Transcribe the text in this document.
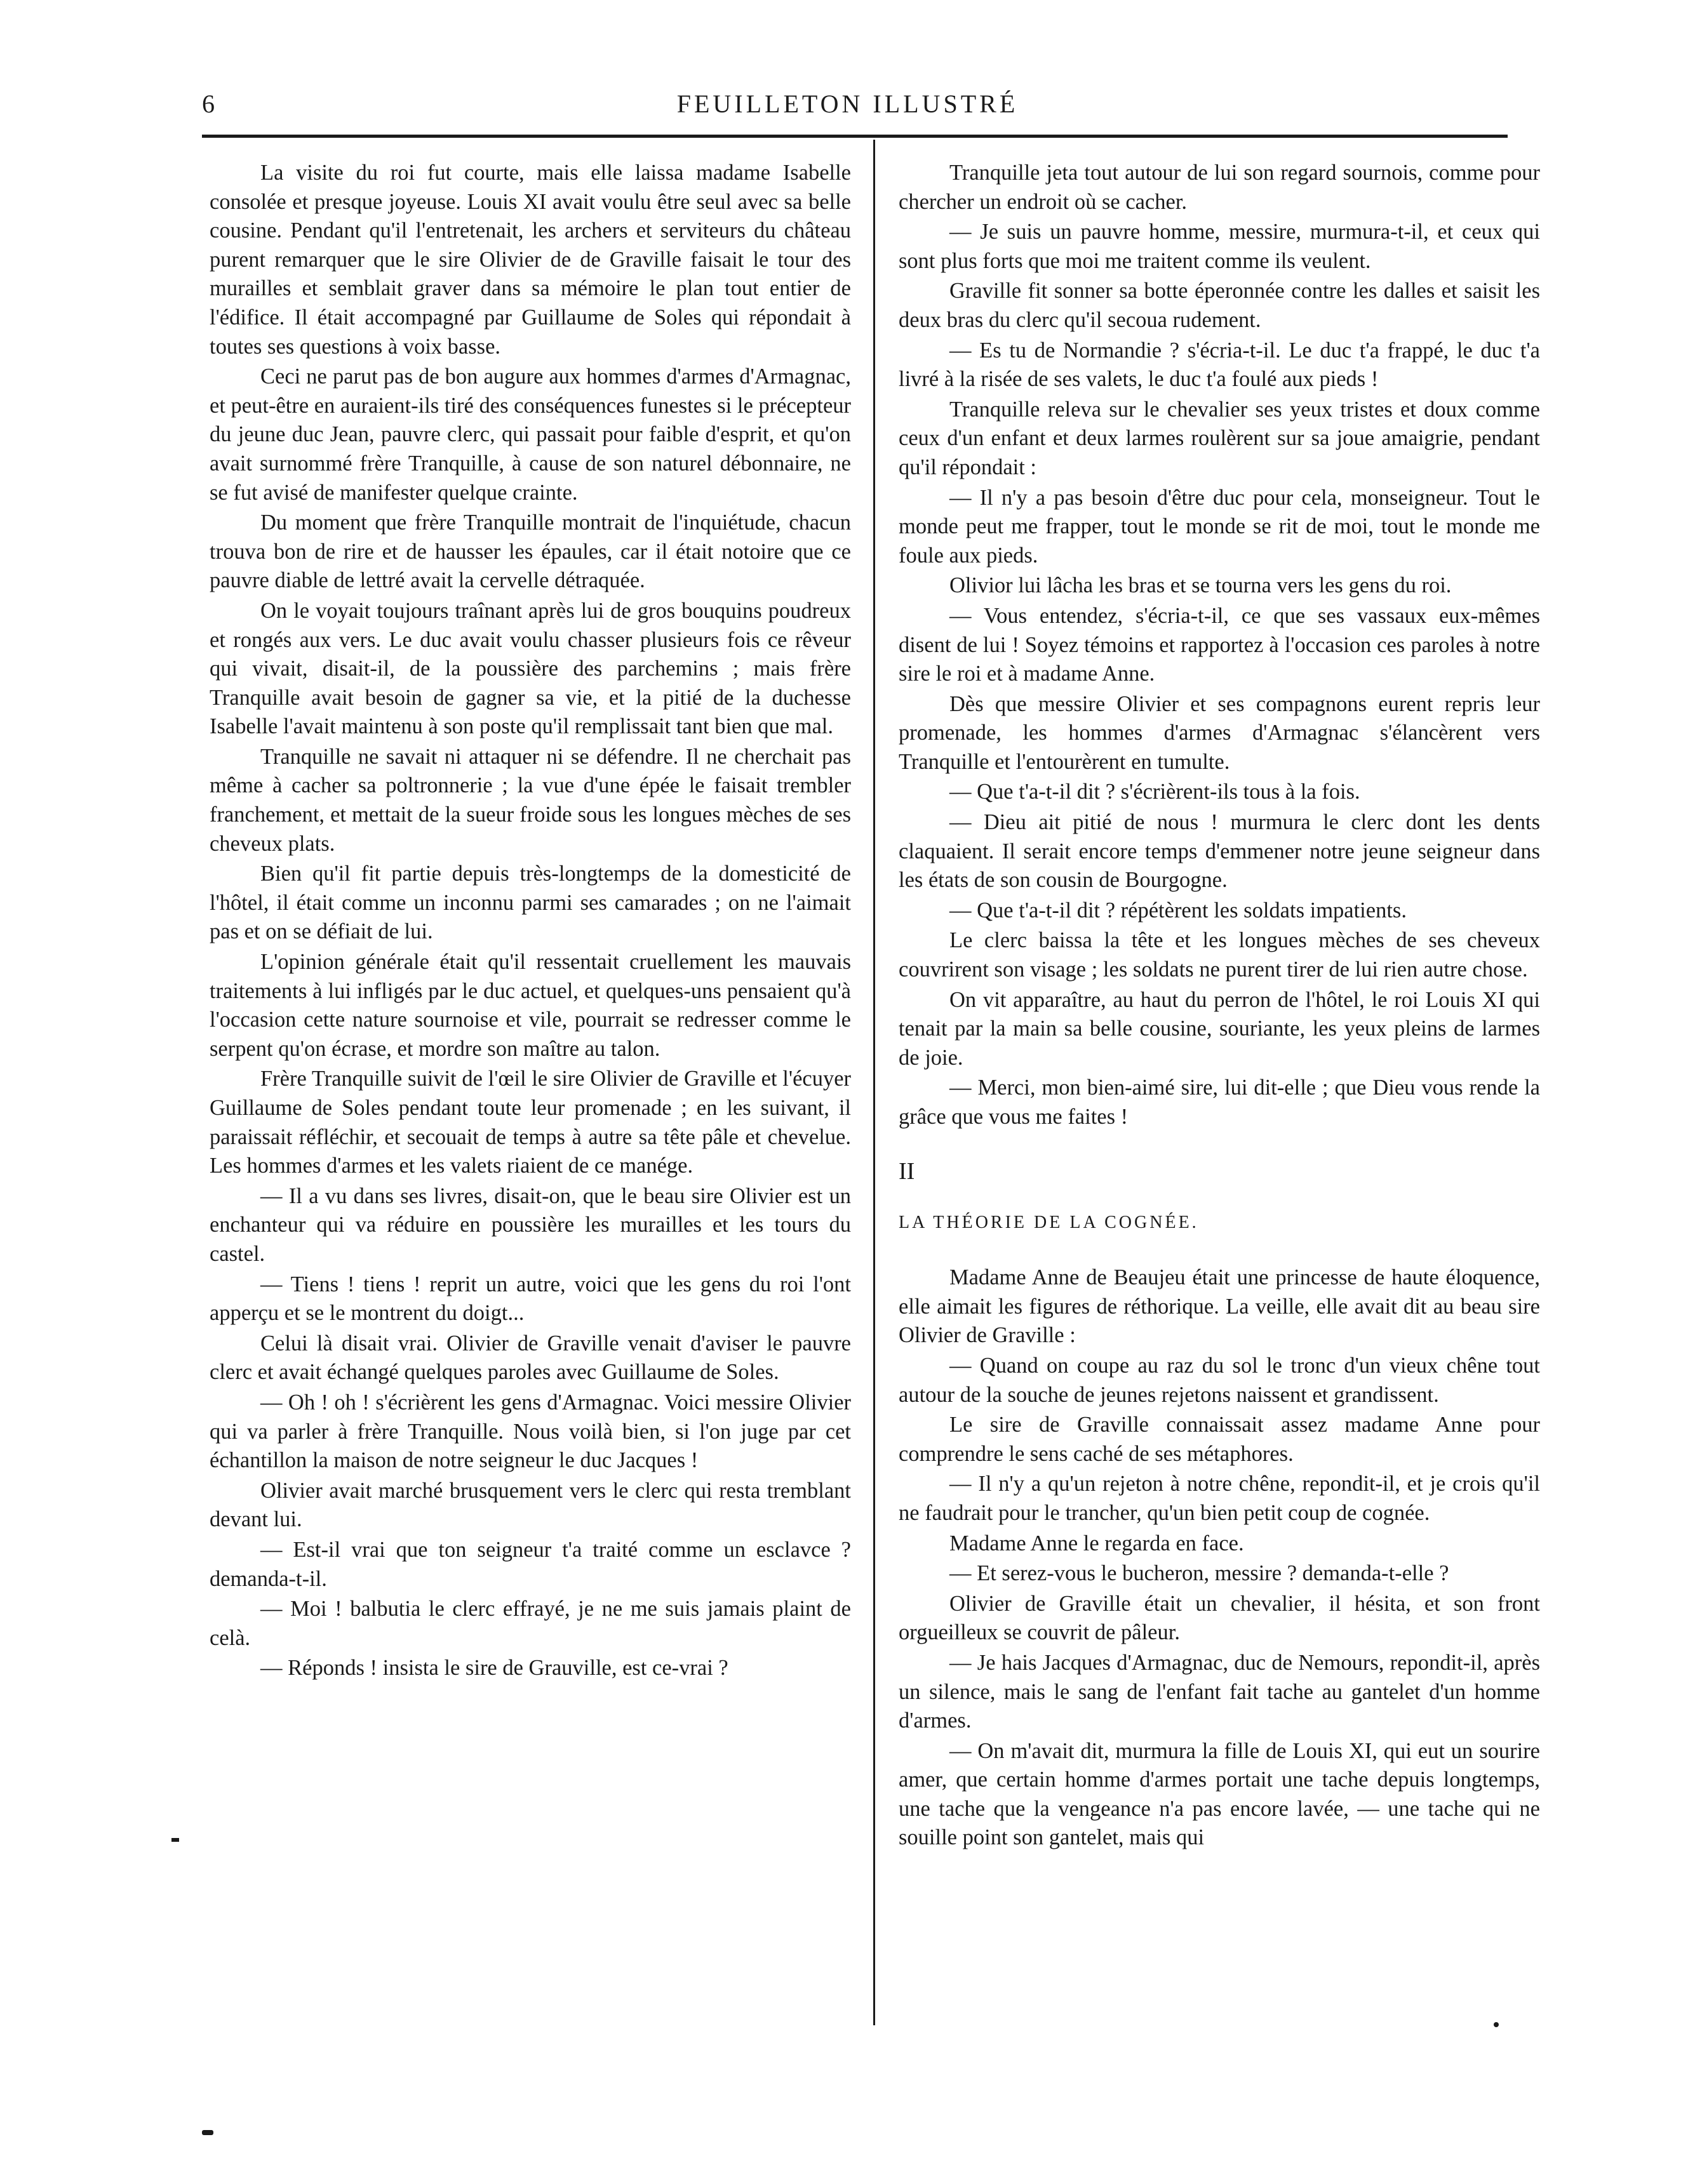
6	FEUILLETON ILLUSTRÉ

La visite du roi fut courte, mais elle laissa madame Isabelle consolée et presque joyeuse. Louis XI avait voulu être seul avec sa belle cousine. Pendant qu'il l'entretenait, les archers et serviteurs du château purent remarquer que le sire Olivier de de Graville faisait le tour des murailles et semblait graver dans sa mémoire le plan tout entier de l'édifice. Il était accompagné par Guillaume de Soles qui répondait à toutes ses questions à voix basse.

Ceci ne parut pas de bon augure aux hommes d'armes d'Armagnac, et peut-être en auraient-ils tiré des conséquences funestes si le précepteur du jeune duc Jean, pauvre clerc, qui passait pour faible d'esprit, et qu'on avait surnommé frère Tranquille, à cause de son naturel débonnaire, ne se fut avisé de manifester quelque crainte.

Du moment que frère Tranquille montrait de l'inquiétude, chacun trouva bon de rire et de hausser les épaules, car il était notoire que ce pauvre diable de lettré avait la cervelle détraquée.

On le voyait toujours traînant après lui de gros bouquins poudreux et rongés aux vers. Le duc avait voulu chasser plusieurs fois ce rêveur qui vivait, disait-il, de la poussière des parchemins ; mais frère Tranquille avait besoin de gagner sa vie, et la pitié de la duchesse Isabelle l'avait maintenu à son poste qu'il remplissait tant bien que mal.

Tranquille ne savait ni attaquer ni se défendre. Il ne cherchait pas même à cacher sa poltronnerie ; la vue d'une épée le faisait trembler franchement, et mettait de la sueur froide sous les longues mèches de ses cheveux plats.

Bien qu'il fit partie depuis très-longtemps de la domesticité de l'hôtel, il était comme un inconnu parmi ses camarades ; on ne l'aimait pas et on se défiait de lui.

L'opinion générale était qu'il ressentait cruellement les mauvais traitements à lui infligés par le duc actuel, et quelques-uns pensaient qu'à l'occasion cette nature sournoise et vile, pourrait se redresser comme le serpent qu'on écrase, et mordre son maître au talon.

Frère Tranquille suivit de l'œil le sire Olivier de Graville et l'écuyer Guillaume de Soles pendant toute leur promenade ; en les suivant, il paraissait réfléchir, et secouait de temps à autre sa tête pâle et chevelue. Les hommes d'armes et les valets riaient de ce manége.

— Il a vu dans ses livres, disait-on, que le beau sire Olivier est un enchanteur qui va réduire en poussière les murailles et les tours du castel.

— Tiens ! tiens ! reprit un autre, voici que les gens du roi l'ont apperçu et se le montrent du doigt...

Celui là disait vrai. Olivier de Graville venait d'aviser le pauvre clerc et avait échangé quelques paroles avec Guillaume de Soles.

— Oh ! oh ! s'écrièrent les gens d'Armagnac. Voici messire Olivier qui va parler à frère Tranquille. Nous voilà bien, si l'on juge par cet échantillon la maison de notre seigneur le duc Jacques !

Olivier avait marché brusquement vers le clerc qui resta tremblant devant lui.

— Est-il vrai que ton seigneur t'a traité comme un esclavce ? demanda-t-il.

— Moi ! balbutia le clerc effrayé, je ne me suis jamais plaint de celà.

— Réponds ! insista le sire de Grauville, est ce-vrai ?

Tranquille jeta tout autour de lui son regard sournois, comme pour chercher un endroit où se cacher.

— Je suis un pauvre homme, messire, murmura-t-il, et ceux qui sont plus forts que moi me traitent comme ils veulent.

Graville fit sonner sa botte éperonnée contre les dalles et saisit les deux bras du clerc qu'il secoua rudement.

— Es tu de Normandie ? s'écria-t-il. Le duc t'a frappé, le duc t'a livré à la risée de ses valets, le duc t'a foulé aux pieds !

Tranquille releva sur le chevalier ses yeux tristes et doux comme ceux d'un enfant et deux larmes roulèrent sur sa joue amaigrie, pendant qu'il répondait :

— Il n'y a pas besoin d'être duc pour cela, monseigneur. Tout le monde peut me frapper, tout le monde se rit de moi, tout le monde me foule aux pieds.

Olivior lui lâcha les bras et se tourna vers les gens du roi.

— Vous entendez, s'écria-t-il, ce que ses vassaux eux-mêmes disent de lui ! Soyez témoins et rapportez à l'occasion ces paroles à notre sire le roi et à madame Anne.

Dès que messire Olivier et ses compagnons eurent repris leur promenade, les hommes d'armes d'Armagnac s'élancèrent vers Tranquille et l'entourèrent en tumulte.

— Que t'a-t-il dit ? s'écrièrent-ils tous à la fois.

— Dieu ait pitié de nous ! murmura le clerc dont les dents claquaient. Il serait encore temps d'emmener notre jeune seigneur dans les états de son cousin de Bourgogne.

— Que t'a-t-il dit ? répétèrent les soldats impatients.

Le clerc baissa la tête et les longues mèches de ses cheveux couvrirent son visage ; les soldats ne purent tirer de lui rien autre chose.

On vit apparaître, au haut du perron de l'hôtel, le roi Louis XI qui tenait par la main sa belle cousine, souriante, les yeux pleins de larmes de joie.

— Merci, mon bien-aimé sire, lui dit-elle ; que Dieu vous rende la grâce que vous me faites !

II

LA THÉORIE DE LA COGNÉE.

Madame Anne de Beaujeu était une princesse de haute éloquence, elle aimait les figures de réthorique. La veille, elle avait dit au beau sire Olivier de Graville :

— Quand on coupe au raz du sol le tronc d'un vieux chêne tout autour de la souche de jeunes rejetons naissent et grandissent.

Le sire de Graville connaissait assez madame Anne pour comprendre le sens caché de ses métaphores.

— Il n'y a qu'un rejeton à notre chêne, repondit-il, et je crois qu'il ne faudrait pour le trancher, qu'un bien petit coup de cognée.

Madame Anne le regarda en face.

— Et serez-vous le bucheron, messire ? demanda-t-elle ?

Olivier de Graville était un chevalier, il hésita, et son front orgueilleux se couvrit de pâleur.

— Je hais Jacques d'Armagnac, duc de Nemours, repondit-il, après un silence, mais le sang de l'enfant fait tache au gantelet d'un homme d'armes.

— On m'avait dit, murmura la fille de Louis XI, qui eut un sourire amer, que certain homme d'armes portait une tache depuis longtemps, une tache que la vengeance n'a pas encore lavée, — une tache qui ne souille point son gantelet, mais qui
